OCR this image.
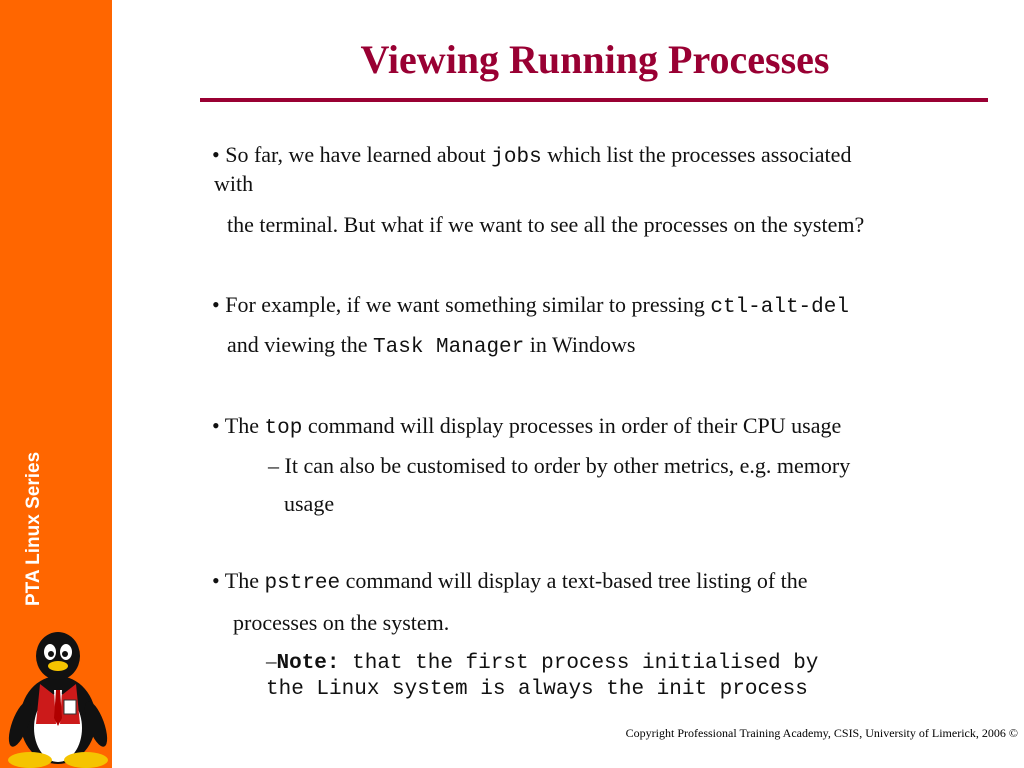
PTA Linux Series
Viewing Running Processes
• So far, we have learned about jobs which list the processes associated
with
the terminal. But what if we want to see all the processes on the system?
• For example, if we want something similar to pressing ctl-alt-del
and viewing the Task Manager in Windows
• The top command will display processes in order of their CPU usage
– It can also be customised to order by other metrics, e.g. memory
usage
• The pstree command will display a text-based tree listing of the
processes on the system.
–Note: that the first process initialised by
the Linux system is always the init process
Copyright Professional Training Academy, CSIS, University of Limerick, 2006 ©
